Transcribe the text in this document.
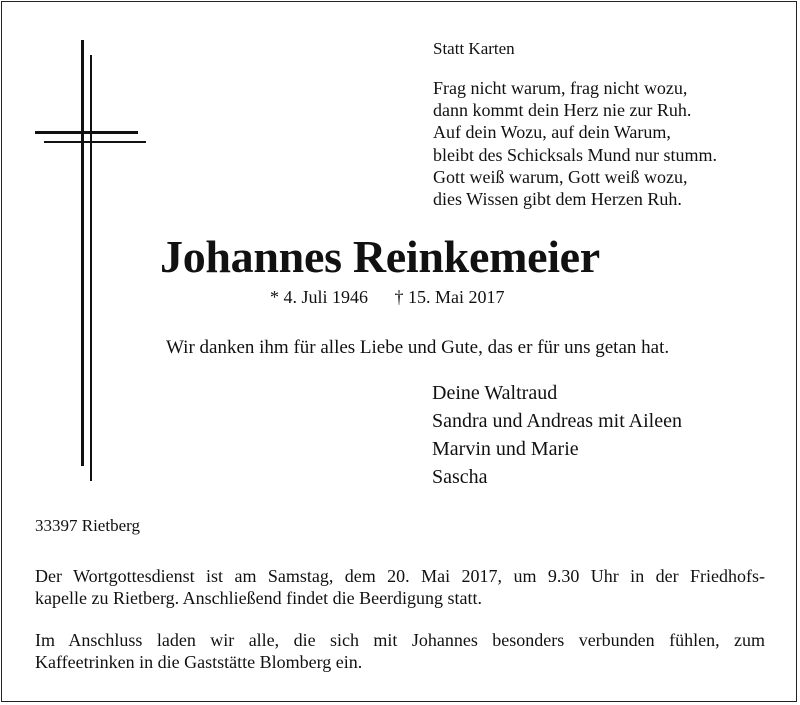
Statt Karten
Frag nicht warum, frag nicht wozu,
dann kommt dein Herz nie zur Ruh.
Auf dein Wozu, auf dein Warum,
bleibt des Schicksals Mund nur stumm.
Gott weiß warum, Gott weiß wozu,
dies Wissen gibt dem Herzen Ruh.
Johannes Reinkemeier
* 4. Juli 1946 † 15. Mai 2017
Wir danken ihm für alles Liebe und Gute, das er für uns getan hat.
Deine Waltraud
Sandra und Andreas mit Aileen
Marvin und Marie
Sascha
33397 Rietberg
Der Wortgottesdienst ist am Samstag, dem 20. Mai 2017, um 9.30 Uhr in der Friedhofs-
kapelle zu Rietberg. Anschließend findet die Beerdigung statt.
Im Anschluss laden wir alle, die sich mit Johannes besonders verbunden fühlen, zum
Kaffeetrinken in die Gaststätte Blomberg ein.
